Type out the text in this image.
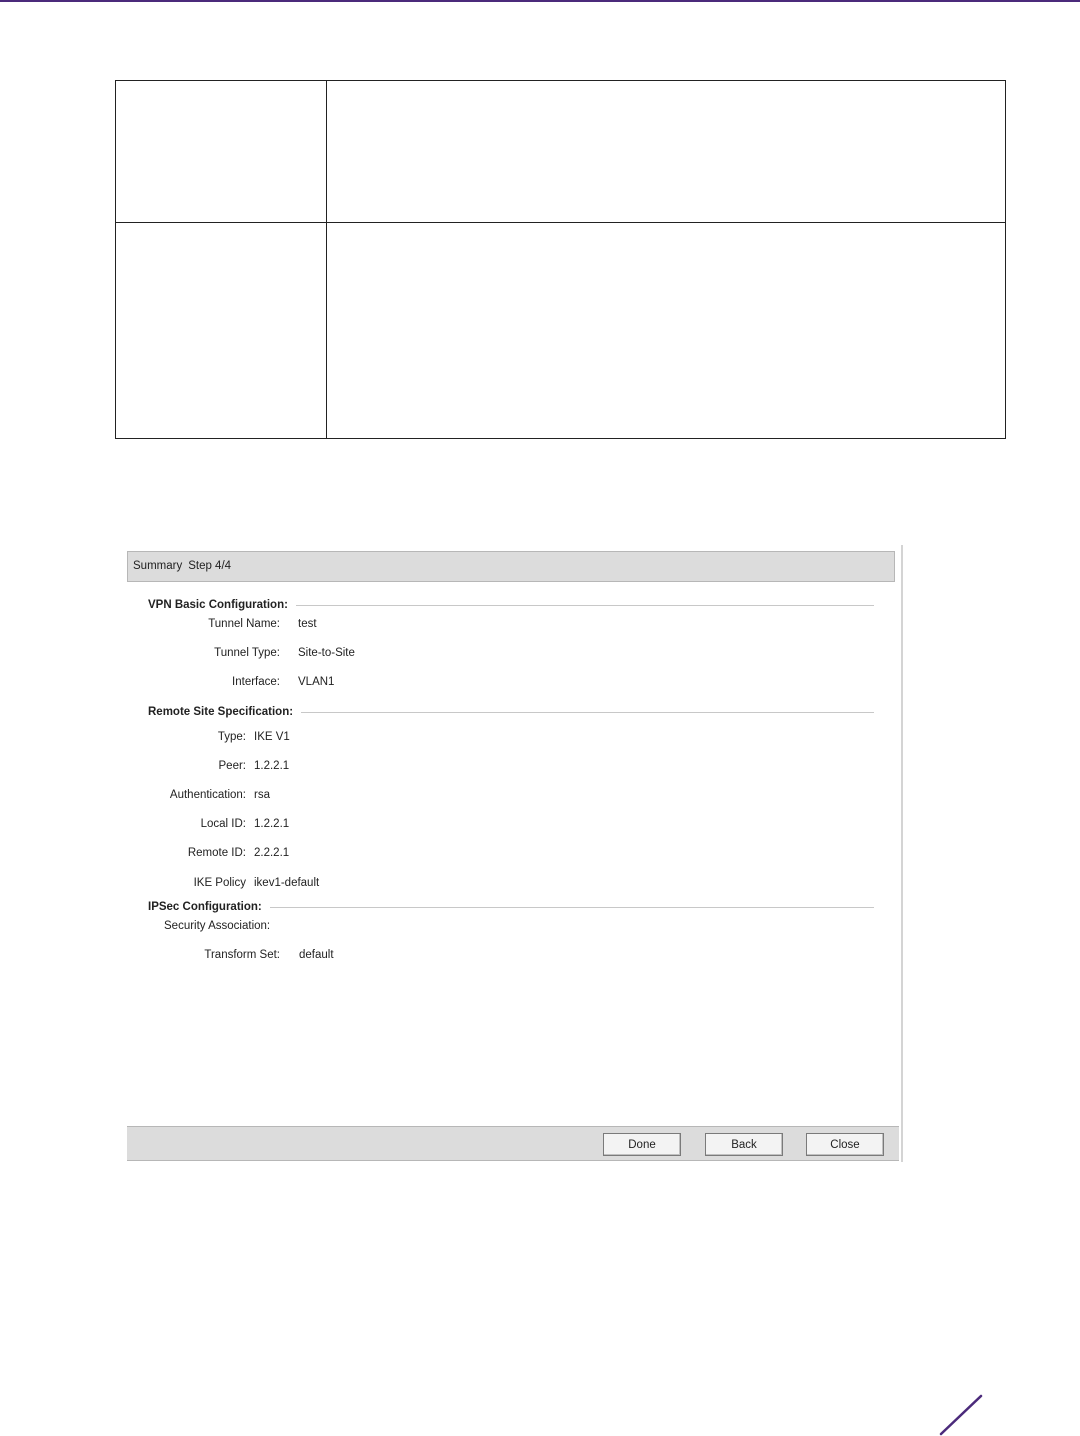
Summary Step 4/4
VPN Basic Configuration:
Tunnel Name: test
Tunnel Type: Site-to-Site
Interface: VLAN1
Remote Site Specification:
Type: IKE V1
Peer: 1.2.2.1
Authentication: rsa
Local ID: 1.2.2.1
Remote ID: 2.2.2.1
IKE Policy ikev1-default
IPSec Configuration:
Security Association:
Transform Set: default
Done	Back	Close
